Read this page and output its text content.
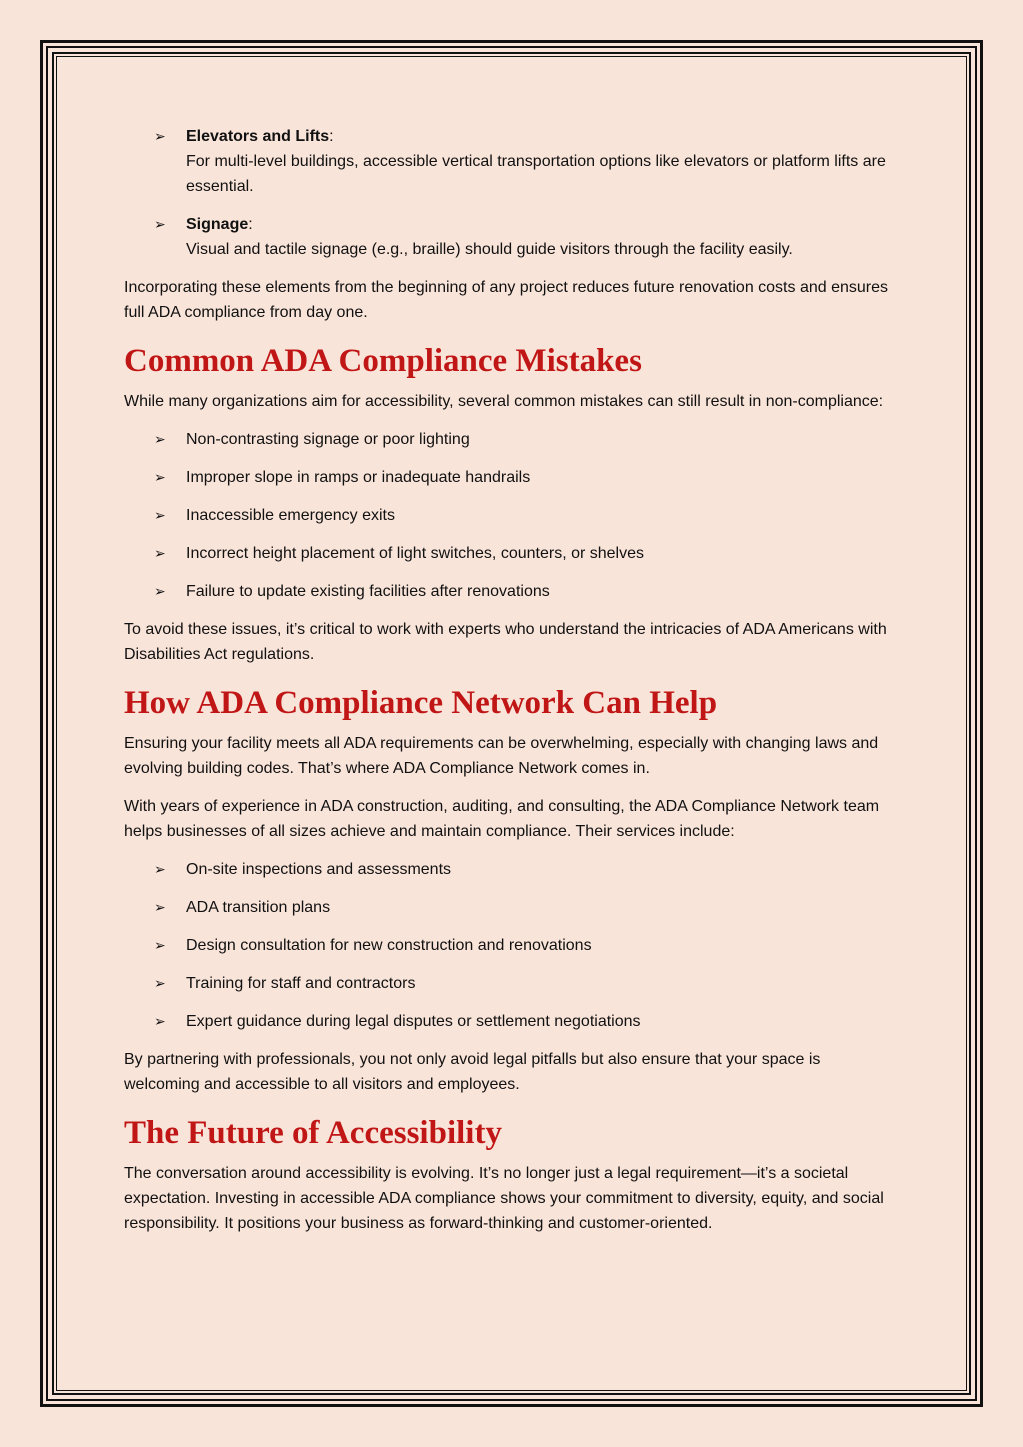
➢ Elevators and Lifts:
For multi-level buildings, accessible vertical transportation options like elevators or platform lifts are essential.
➢ Signage:
Visual and tactile signage (e.g., braille) should guide visitors through the facility easily.

Incorporating these elements from the beginning of any project reduces future renovation costs and ensures full ADA compliance from day one.

Common ADA Compliance Mistakes

While many organizations aim for accessibility, several common mistakes can still result in non-compliance:

➢ Non-contrasting signage or poor lighting
➢ Improper slope in ramps or inadequate handrails
➢ Inaccessible emergency exits
➢ Incorrect height placement of light switches, counters, or shelves
➢ Failure to update existing facilities after renovations

To avoid these issues, it’s critical to work with experts who understand the intricacies of ADA Americans with Disabilities Act regulations.

How ADA Compliance Network Can Help

Ensuring your facility meets all ADA requirements can be overwhelming, especially with changing laws and evolving building codes. That’s where ADA Compliance Network comes in.

With years of experience in ADA construction, auditing, and consulting, the ADA Compliance Network team helps businesses of all sizes achieve and maintain compliance. Their services include:

➢ On-site inspections and assessments
➢ ADA transition plans
➢ Design consultation for new construction and renovations
➢ Training for staff and contractors
➢ Expert guidance during legal disputes or settlement negotiations

By partnering with professionals, you not only avoid legal pitfalls but also ensure that your space is welcoming and accessible to all visitors and employees.

The Future of Accessibility

The conversation around accessibility is evolving. It’s no longer just a legal requirement—it’s a societal expectation. Investing in accessible ADA compliance shows your commitment to diversity, equity, and social responsibility. It positions your business as forward-thinking and customer-oriented.
